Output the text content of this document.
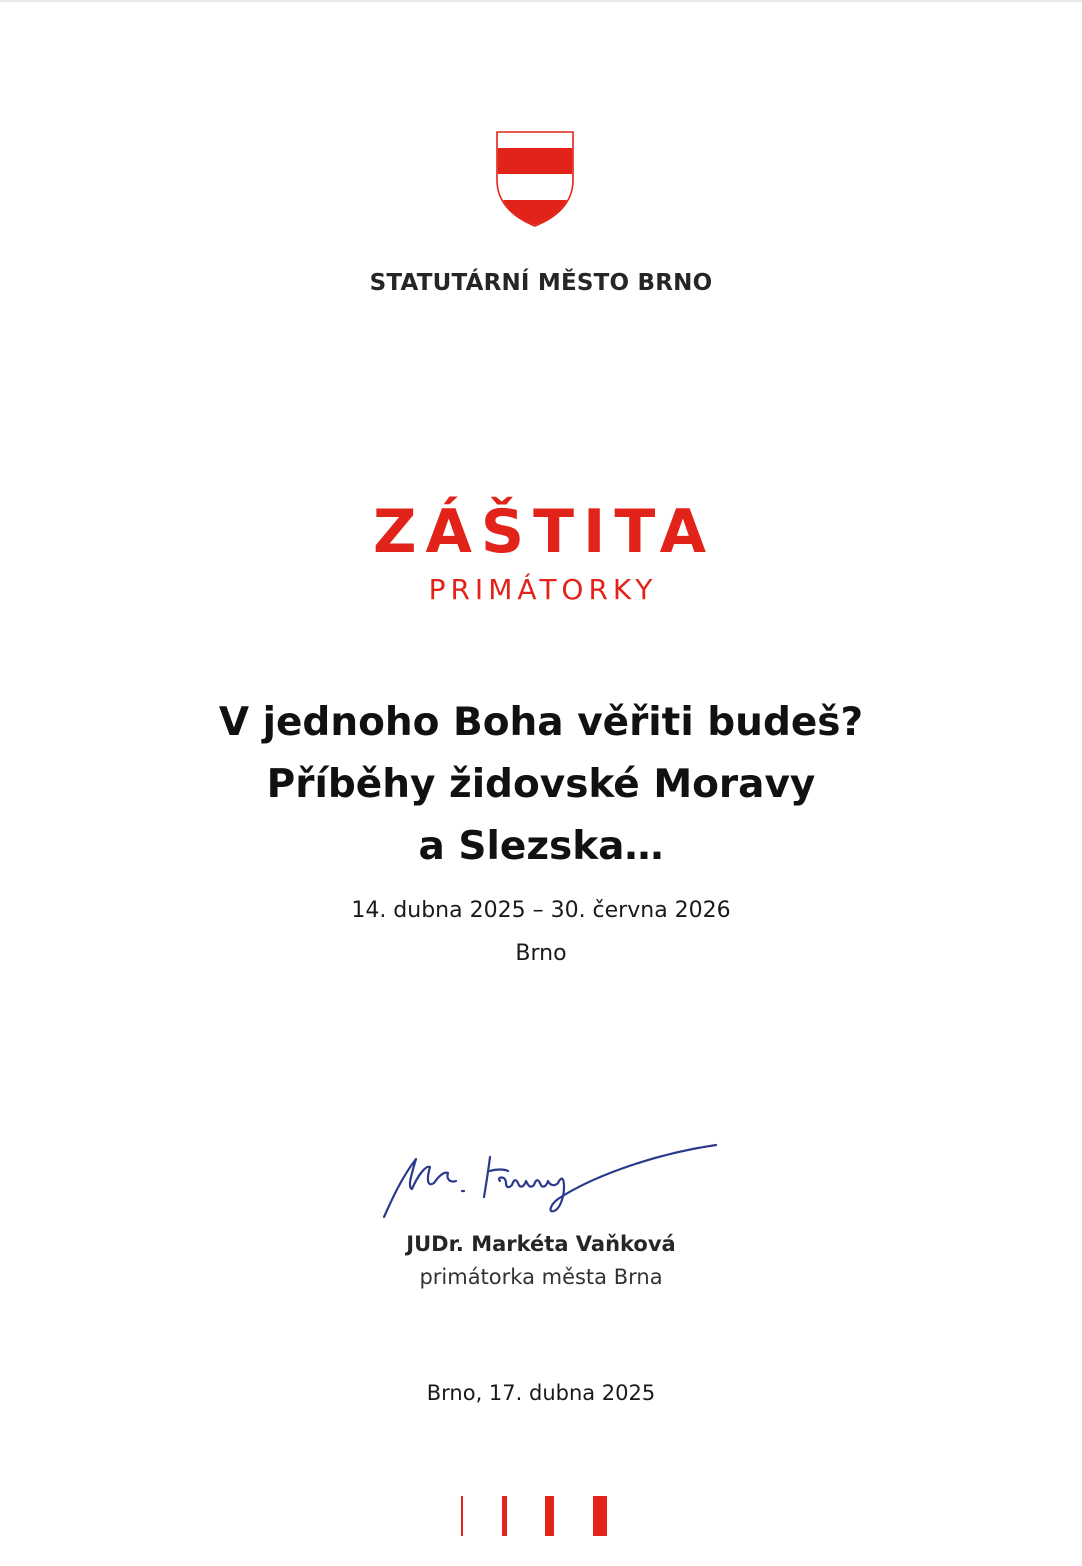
STATUTÁRNÍ MĚSTO BRNO
ZÁŠTITA
PRIMÁTORKY
V jednoho Boha věřiti budeš?
Příběhy židovské Moravy
a Slezska…
14. dubna 2025 – 30. června 2026
Brno
JUDr. Markéta Vaňková
primátorka města Brna
Brno, 17. dubna 2025
